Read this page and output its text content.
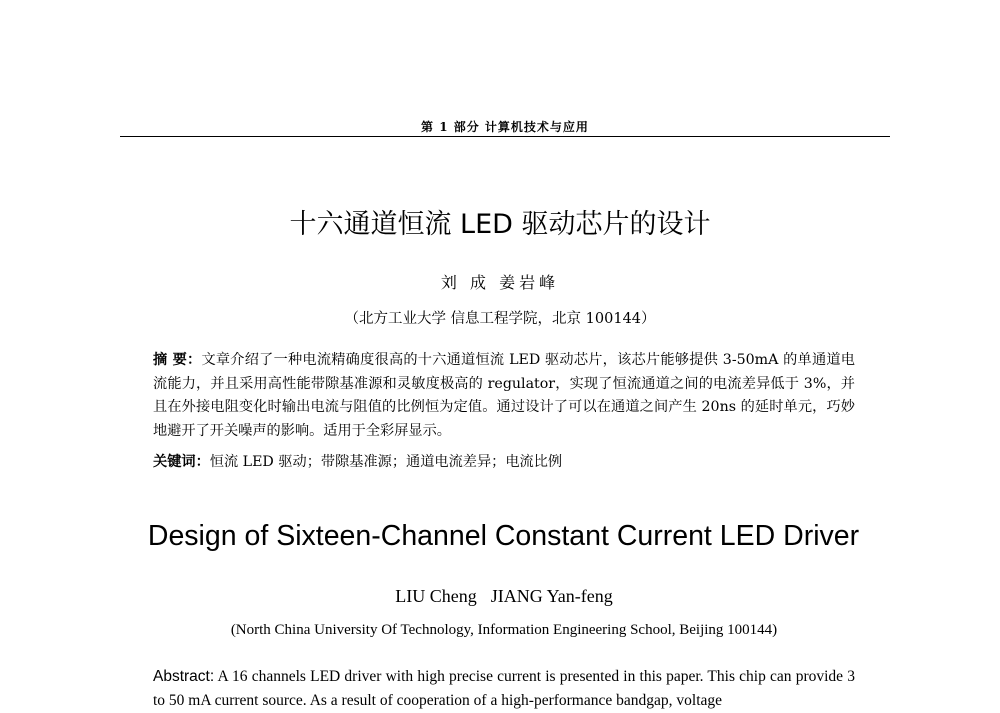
第 1 部分 计算机技术与应用
十六通道恒流 LED 驱动芯片的设计
刘 成 姜岩峰
（北方工业大学 信息工程学院，北京 100144）
摘 要：文章介绍了一种电流精确度很高的十六通道恒流 LED 驱动芯片，该芯片能够提供 3-50mA 的单通道电流能力，并且采用高性能带隙基准源和灵敏度极高的 regulator，实现了恒流通道之间的电流差异低于 3%，并且在外接电阻变化时输出电流与阻值的比例恒为定值。通过设计了可以在通道之间产生 20ns 的延时单元，巧妙地避开了开关噪声的影响。适用于全彩屏显示。
关键词：恒流 LED 驱动；带隙基准源；通道电流差异；电流比例
Design of Sixteen-Channel Constant Current LED Driver
LIU Cheng JIANG Yan-feng
(North China University Of Technology, Information Engineering School, Beijing 100144)
Abstract: A 16 channels LED driver with high precise current is presented in this paper. This chip can provide 3 to 50 mA current source. As a result of cooperation of a high-performance bandgap, voltage
